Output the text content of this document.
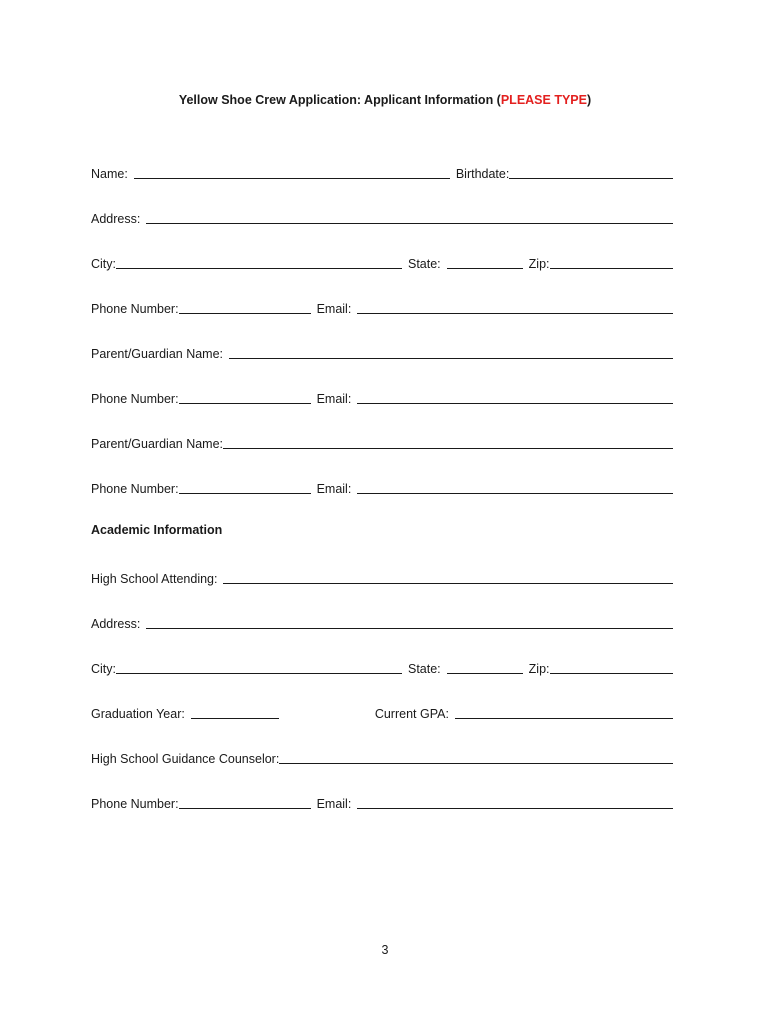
Yellow Shoe Crew Application: Applicant Information (PLEASE TYPE)
Name:	Birthdate:
Address:
City:	State:	Zip:
Phone Number:	Email:
Parent/Guardian Name:
Phone Number:	Email:
Parent/Guardian Name:
Phone Number:	Email:
Academic Information
High School Attending:
Address:
City:	State:	Zip:
Graduation Year:	Current GPA:
High School Guidance Counselor:
Phone Number:	Email:
3
